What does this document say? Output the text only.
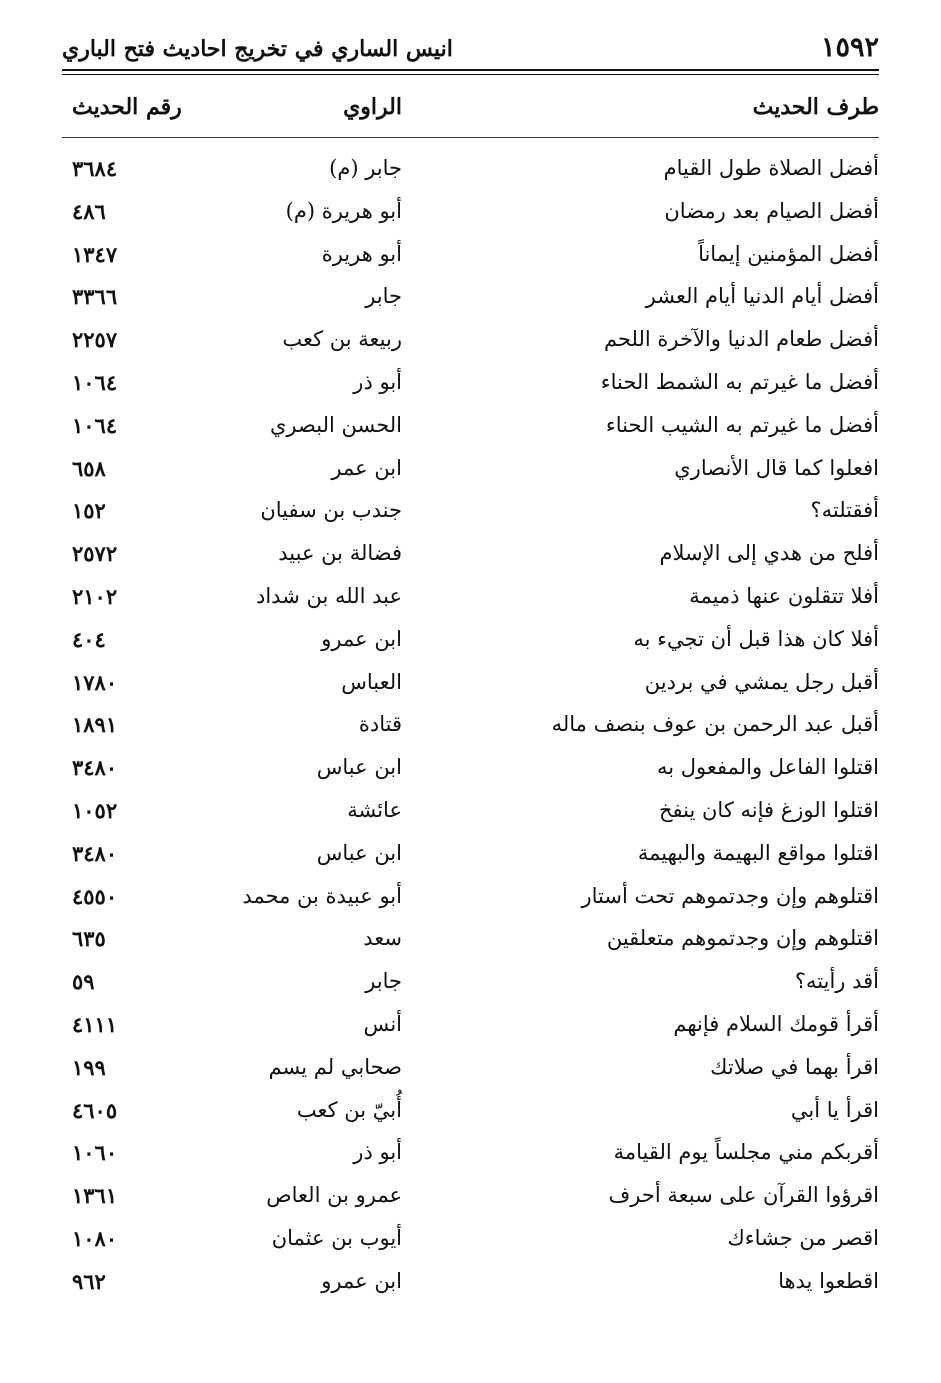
١٥٩٢
انيس الساري في تخريج احاديث فتح الباري
طرف الحديث
الراوي
رقم الحديث
أفضل الصلاة طول القيام
جابر (م)
٣٦٨٤
أفضل الصيام بعد رمضان
أبو هريرة (م)
٤٨٦
أفضل المؤمنين إيماناً
أبو هريرة
١٣٤٧
أفضل أيام الدنيا أيام العشر
جابر
٣٣٦٦
أفضل طعام الدنيا والآخرة اللحم
ربيعة بن كعب
٢٢٥٧
أفضل ما غيرتم به الشمط الحناء
أبو ذر
١٠٦٤
أفضل ما غيرتم به الشيب الحناء
الحسن البصري
١٠٦٤
افعلوا كما قال الأنصاري
ابن عمر
٦٥٨
أفقتلته؟
جندب بن سفيان
١٥٢
أفلح من هدي إلى الإسلام
فضالة بن عبيد
٢٥٧٢
أفلا تتقلون عنها ذميمة
عبد الله بن شداد
٢١٠٢
أفلا كان هذا قبل أن تجيء به
ابن عمرو
٤٠٤
أقبل رجل يمشي في بردين
العباس
١٧٨٠
أقبل عبد الرحمن بن عوف بنصف ماله
قتادة
١٨٩١
اقتلوا الفاعل والمفعول به
ابن عباس
٣٤٨٠
اقتلوا الوزغ فإنه كان ينفخ
عائشة
١٠٥٢
اقتلوا مواقع البهيمة والبهيمة
ابن عباس
٣٤٨٠
اقتلوهم وإن وجدتموهم تحت أستار
أبو عبيدة بن محمد
٤٥٥٠
اقتلوهم وإن وجدتموهم متعلقين
سعد
٦٣٥
أقد رأيته؟
جابر
٥٩
أقرأ قومك السلام فإنهم
أنس
٤١١١
اقرأ بهما في صلاتك
صحابي لم يسم
١٩٩
اقرأ يا أبي
أُبيّ بن كعب
٤٦٠٥
أقربكم مني مجلساً يوم القيامة
أبو ذر
١٠٦٠
اقرؤوا القرآن على سبعة أحرف
عمرو بن العاص
١٣٦١
اقصر من جشاءك
أيوب بن عثمان
١٠٨٠
اقطعوا يدها
ابن عمرو
٩٦٢
